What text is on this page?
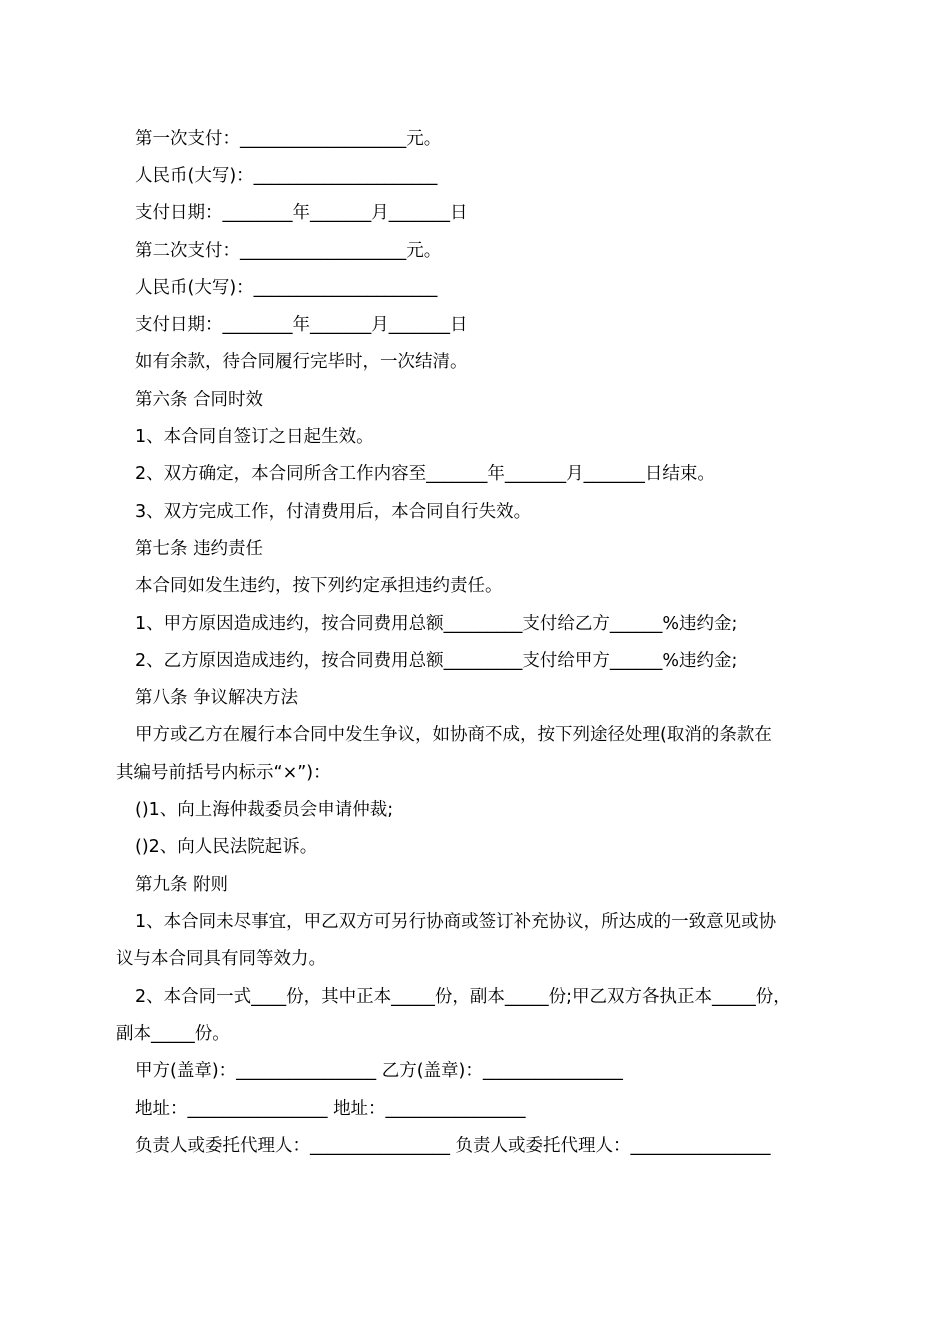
第一次支付：___________________元。
人民币(大写)：_____________________
支付日期：________年_______月_______日
第二次支付：___________________元。
人民币(大写)：_____________________
支付日期：________年_______月_______日
如有余款，待合同履行完毕时，一次结清。
第六条 合同时效
1、本合同自签订之日起生效。
2、双方确定，本合同所含工作内容至_______年_______月_______日结束。
3、双方完成工作，付清费用后，本合同自行失效。
第七条 违约责任
本合同如发生违约，按下列约定承担违约责任。
1、甲方原因造成违约，按合同费用总额_________支付给乙方______%违约金;
2、乙方原因造成违约，按合同费用总额_________支付给甲方______%违约金;
第八条 争议解决方法
甲方或乙方在履行本合同中发生争议，如协商不成，按下列途径处理(取消的条款在
其编号前括号内标示“×”)：
()1、向上海仲裁委员会申请仲裁;
()2、向人民法院起诉。
第九条 附则
1、本合同未尽事宜，甲乙双方可另行协商或签订补充协议，所达成的一致意见或协
议与本合同具有同等效力。
2、本合同一式____份，其中正本_____份，副本_____份;甲乙双方各执正本_____份，
副本_____份。
甲方(盖章)：________________ 乙方(盖章)：________________
地址：________________ 地址：________________
负责人或委托代理人：________________ 负责人或委托代理人：________________
